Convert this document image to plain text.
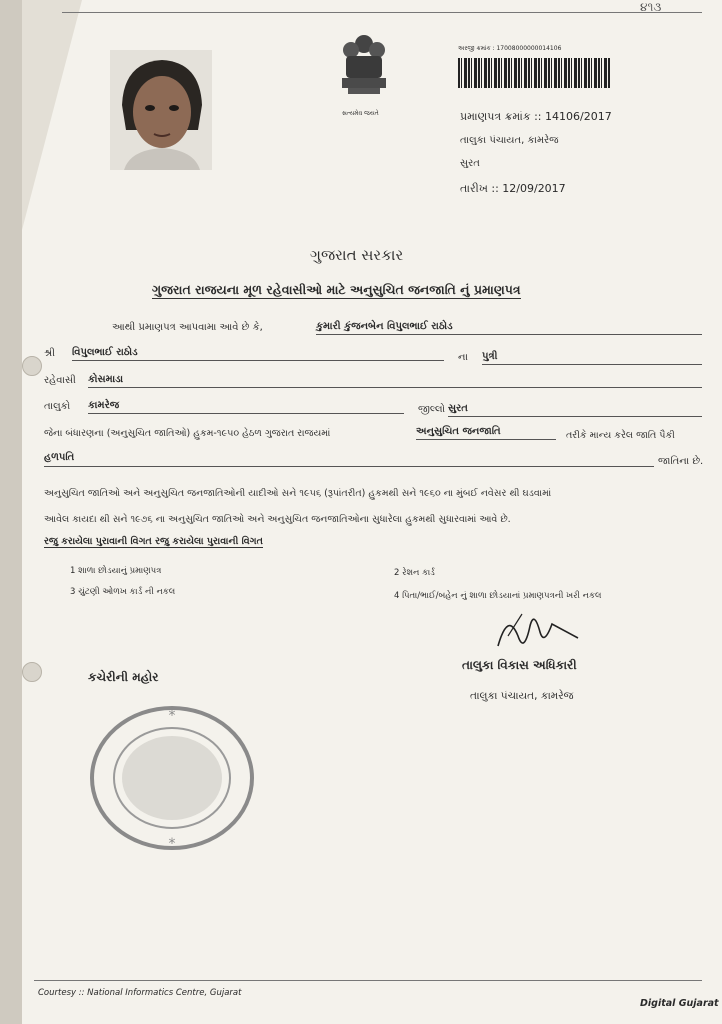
૪૧૩
સત્યમેવ જયતે
અરજી ક્રમાંક : 17008000000014106
પ્રમાણપત્ર ક્રમાંક :: 14106/2017
તાલુકા પંચાયત, કામરેજ
સુરત
તારીખ :: 12/09/2017
ગુજરાત સરકાર
ગુજરાત રાજયના મૂળ રહેવાસીઓ માટે અનુસુચિત જનજાતિ નું પ્રમાણપત્ર
આથી પ્રમાણપત્ર આપવામા આવે છે કે,	કુમારી કુંજનબેન વિપુલભાઈ રાઠોડ
શ્રી વિપુલભાઈ રાઠોડ	ના પુત્રી
રહેવાસી કોસમાડા
તાલુકો કામરેજ	જીલ્લો સુરત
જેના બંધારણના (અનુસુચિત જાતિઓ) હુકમ-૧૯૫૦ હેઠળ ગુજરાત રાજયમાં	અનુસુચિત જનજાતિ	તરીકે માન્ય કરેલ જાતિ પૈકી
હળપતિ	જાતિના છે.
અનુસુચિત જાતિઓ અને અનુસુચિત જનજાતિઓની યાદીઓ સને ૧૯૫૬ (રૂપાંતરીત) હુકમથી સને ૧૯૬૦ ના મુંબઈ નવેસર થી ઘડવામાં
આવેલ કાયદા થી સને ૧૯૭૬ ના અનુસુચિત જાતિઓ અને અનુસુચિત જનજાતિઓના સુધારેલા હુકમથી સુધારવામાં આવે છે.
રજુ કરાયેલા પુરાવાની વિગત રજુ કરાયેલા પુરાવાની વિગત
1 શાળા છોડયાનું પ્રમાણપત્ર	2 રેશન કાર્ડ
3 ચુંટણી ઓળખ કાર્ડ ની નકલ	4 પિતા/ભાઈ/બહેન નું શાળા છોડયાનાં પ્રમાણપત્રની ખરી નકલ
તાલુકા વિકાસ અધિકારી
તાલુકા પંચાયત, કામરેજ
કચેરીની મહોર
*
*
Courtesy :: National Informatics Centre, Gujarat
Digital Gujarat
